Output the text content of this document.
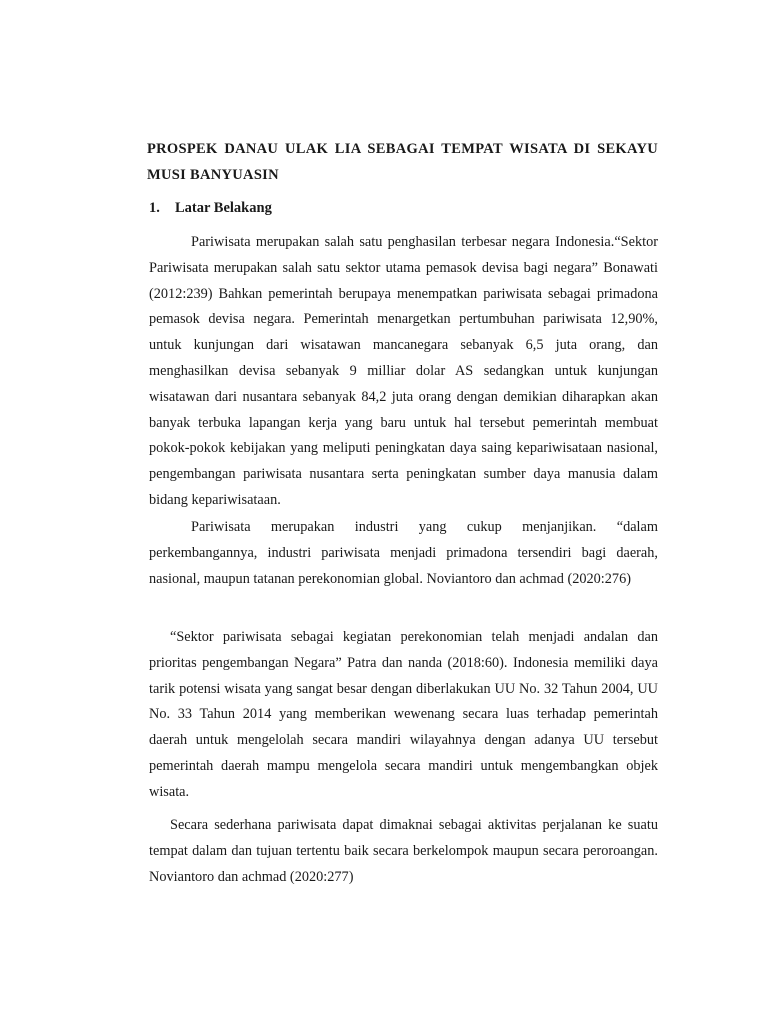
PROSPEK DANAU ULAK LIA SEBAGAI TEMPAT WISATA DI SEKAYU MUSI BANYUASIN
1. Latar Belakang

Pariwisata merupakan salah satu penghasilan terbesar negara Indonesia.“Sektor Pariwisata merupakan salah satu sektor utama pemasok devisa bagi negara” Bonawati (2012:239) Bahkan pemerintah berupaya menempatkan pariwisata sebagai primadona pemasok devisa negara. Pemerintah menargetkan pertumbuhan pariwisata 12,90%, untuk kunjungan dari wisatawan mancanegara sebanyak 6,5 juta orang, dan menghasilkan devisa sebanyak 9 milliar dolar AS sedangkan untuk kunjungan wisatawan dari nusantara sebanyak 84,2 juta orang dengan demikian diharapkan akan banyak terbuka lapangan kerja yang baru untuk hal tersebut pemerintah membuat pokok-pokok kebijakan yang meliputi peningkatan daya saing kepariwisataan nasional, pengembangan pariwisata nusantara serta peningkatan sumber daya manusia dalam bidang kepariwisataan.

Pariwisata merupakan industri yang cukup menjanjikan. “dalam perkembangannya, industri pariwisata menjadi primadona tersendiri bagi daerah, nasional, maupun tatanan perekonomian global. Noviantoro dan achmad (2020:276)

“Sektor pariwisata sebagai kegiatan perekonomian telah menjadi andalan dan prioritas pengembangan Negara” Patra dan nanda (2018:60). Indonesia memiliki daya tarik potensi wisata yang sangat besar dengan diberlakukan UU No. 32 Tahun 2004, UU No. 33 Tahun 2014 yang memberikan wewenang secara luas terhadap pemerintah daerah untuk mengelolah secara mandiri wilayahnya dengan adanya UU tersebut pemerintah daerah mampu mengelola secara mandiri untuk mengembangkan objek wisata.

Secara sederhana pariwisata dapat dimaknai sebagai aktivitas perjalanan ke suatu tempat dalam dan tujuan tertentu baik secara berkelompok maupun secara peroroangan. Noviantoro dan achmad (2020:277)
